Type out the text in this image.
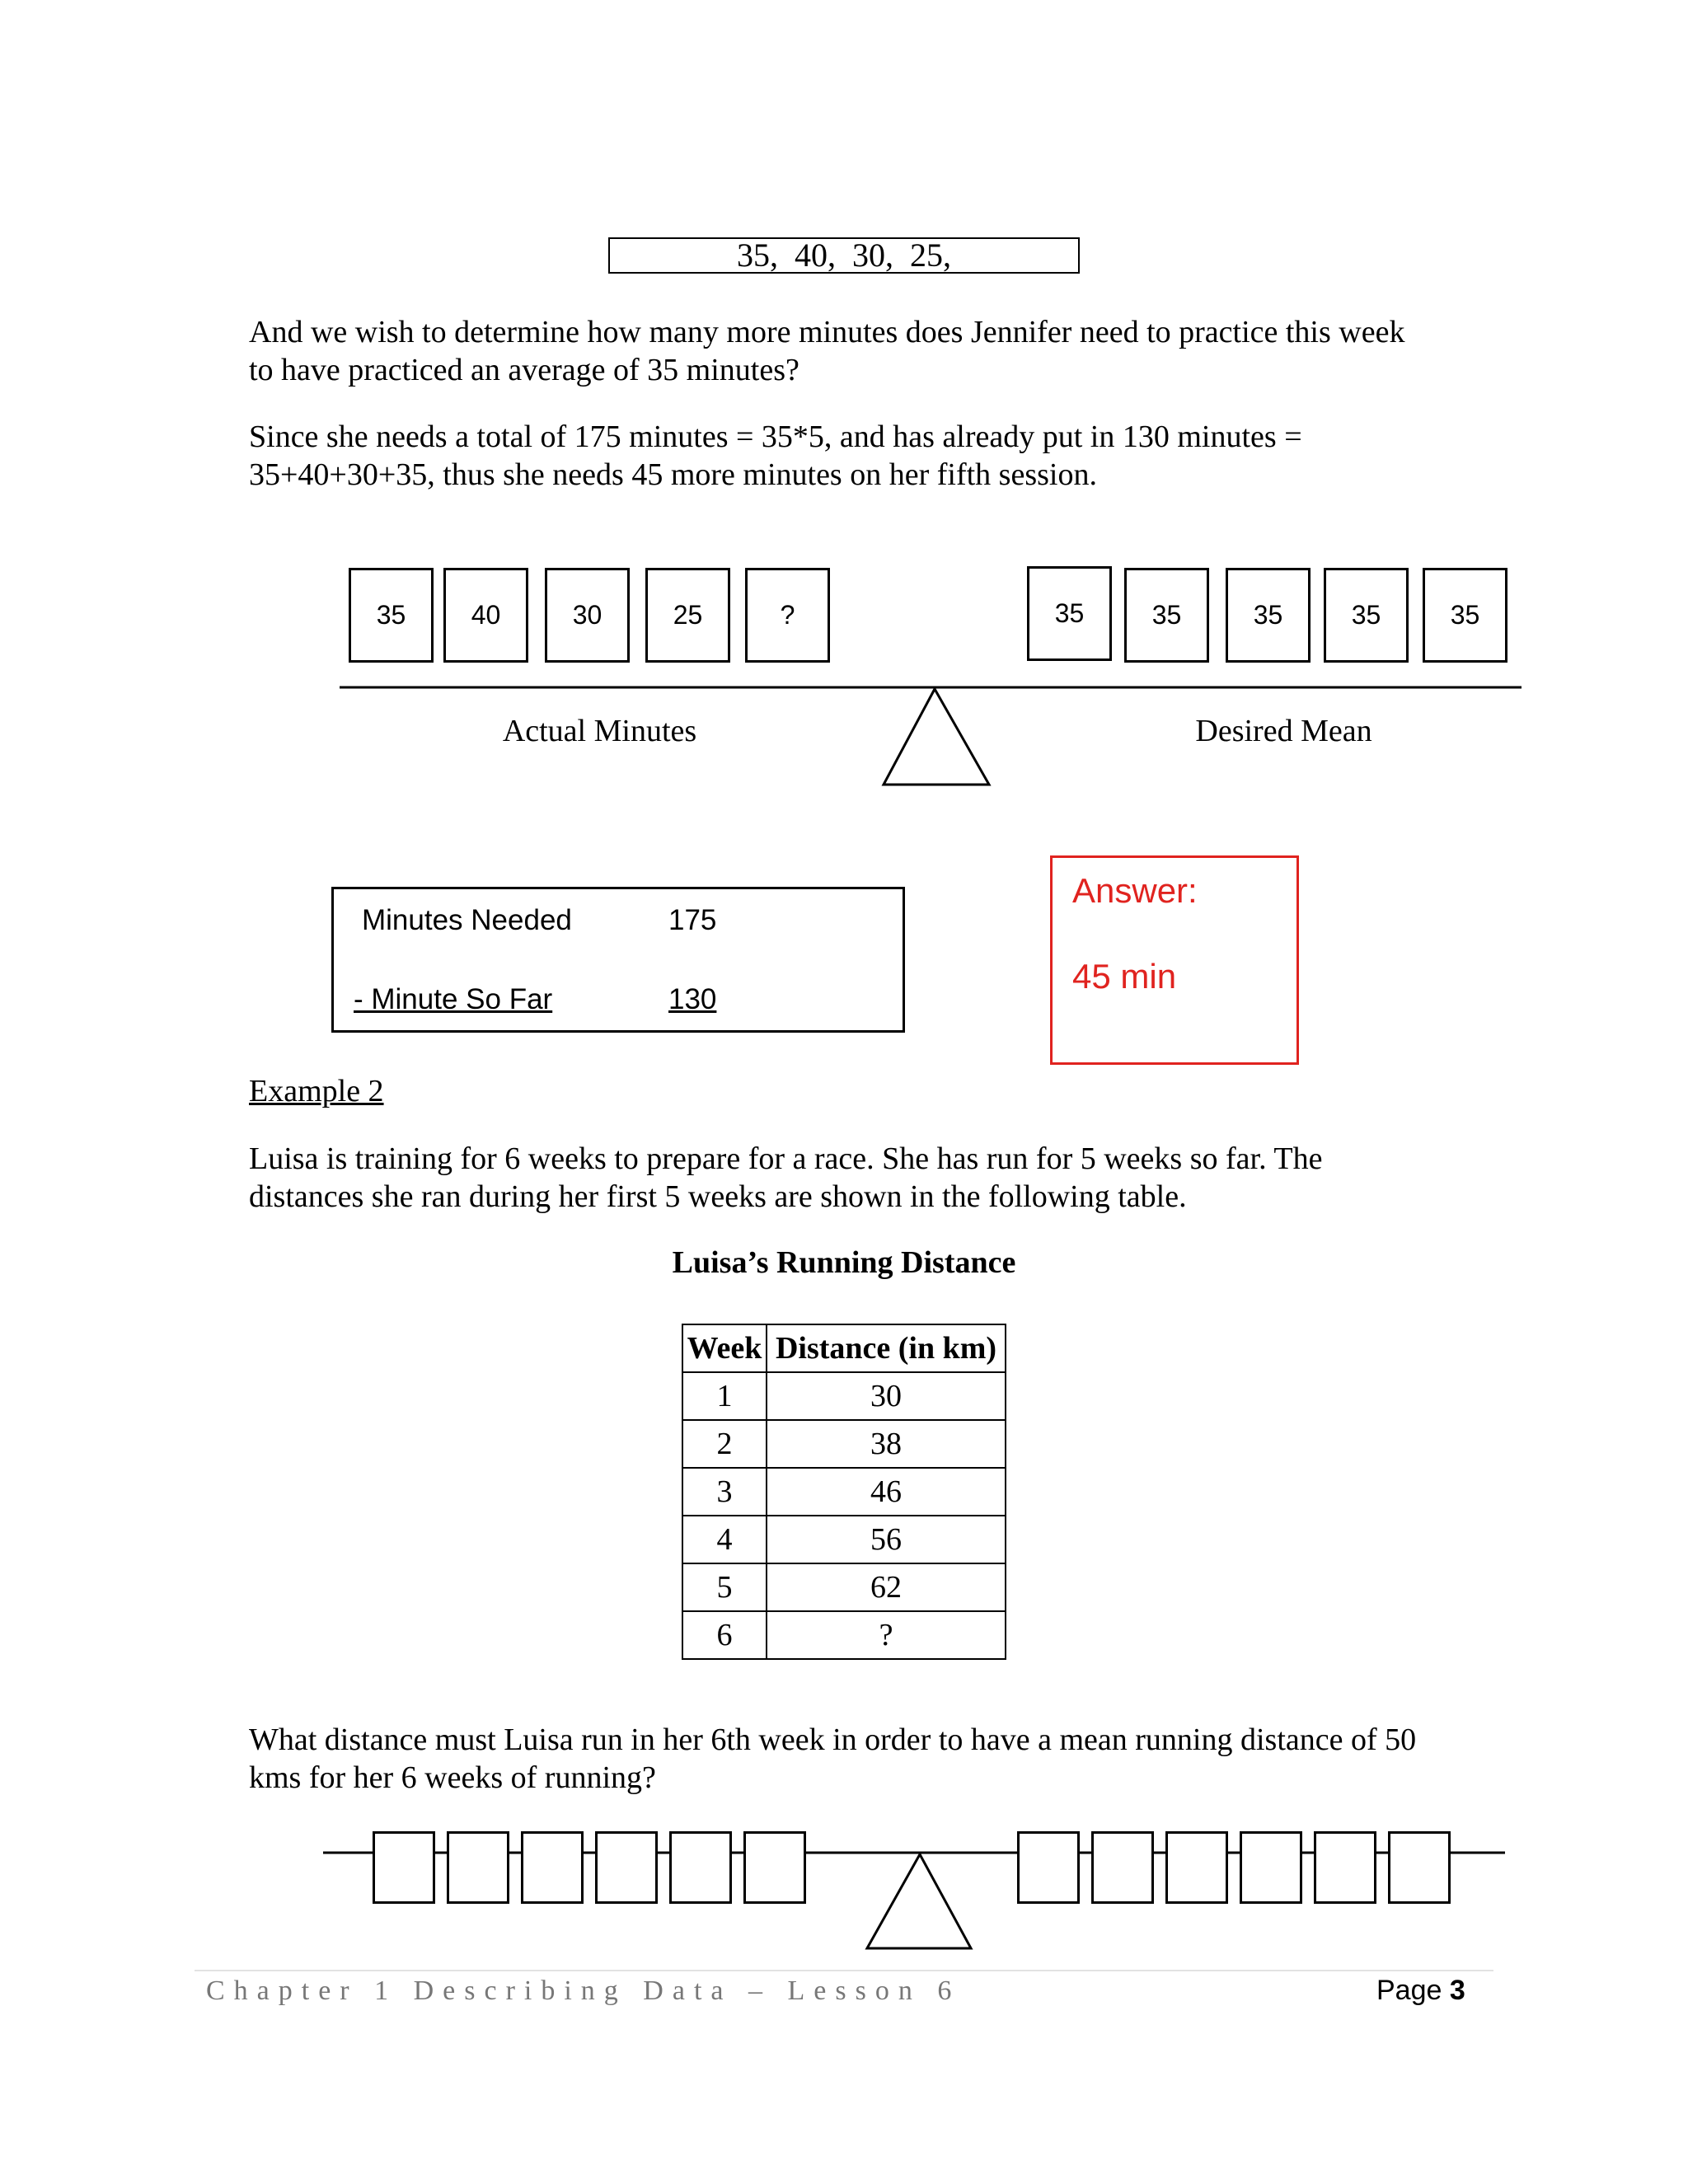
35, 40, 30, 25,
And we wish to determine how many more minutes does Jennifer need to practice this week
to have practiced an average of 35 minutes?
Since she needs a total of 175 minutes = 35*5, and has already put in 130 minutes =
35+40+30+35, thus she needs 45 more minutes on her fifth session.
35	40	30	25	?	35	35	35	35	35
Actual Minutes	Desired Mean
Minutes Needed	175
- Minute So Far	130
Answer:
45 min
Example 2
Luisa is training for 6 weeks to prepare for a race. She has run for 5 weeks so far. The
distances she ran during her first 5 weeks are shown in the following table.
Luisa’s Running Distance
Week	Distance (in km)
1	30
2	38
3	46
4	56
5	62
6	?
What distance must Luisa run in her 6th week in order to have a mean running distance of 50
kms for her 6 weeks of running?
Chapter 1 Describing Data – Lesson 6	Page 3
